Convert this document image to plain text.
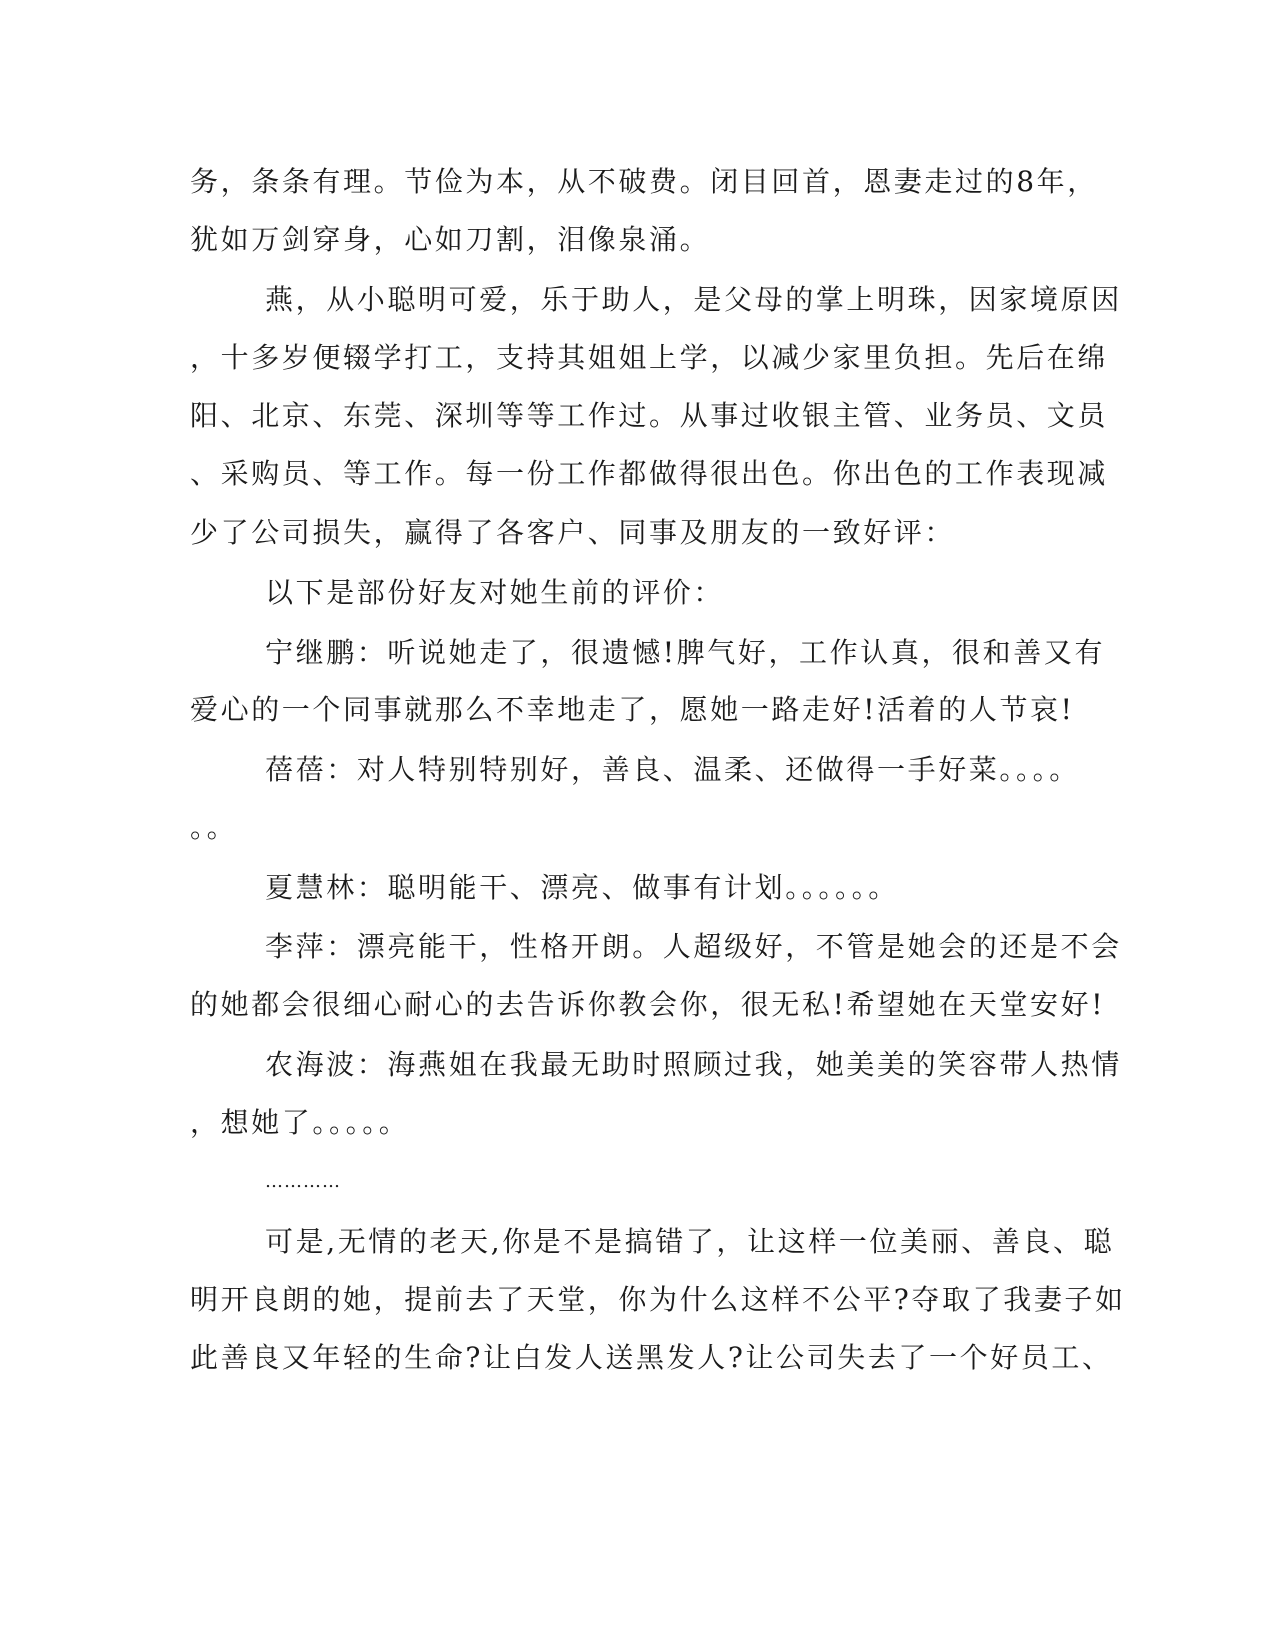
务，条条有理。节俭为本，从不破费。闭目回首，恩妻走过的8年，
犹如万剑穿身，心如刀割，泪像泉涌。
燕，从小聪明可爱，乐于助人，是父母的掌上明珠，因家境原因
，十多岁便辍学打工，支持其姐姐上学，以减少家里负担。先后在绵
阳、北京、东莞、深圳等等工作过。从事过收银主管、业务员、文员
、采购员、等工作。每一份工作都做得很出色。你出色的工作表现减
少了公司损失，赢得了各客户、同事及朋友的一致好评：
以下是部份好友对她生前的评价：
宁继鹏：听说她走了，很遗憾!脾气好，工作认真，很和善又有
爱心的一个同事就那么不幸地走了，愿她一路走好!活着的人节哀!
蓓蓓：对人特别特别好，善良、温柔、还做得一手好菜。。。。
。。
夏慧林：聪明能干、漂亮、做事有计划。。。。。。
李萍：漂亮能干，性格开朗。人超级好，不管是她会的还是不会
的她都会很细心耐心的去告诉你教会你，很无私!希望她在天堂安好!
农海波：海燕姐在我最无助时照顾过我，她美美的笑容带人热情
，想她了。。。。。
…………
可是,无情的老天,你是不是搞错了，让这样一位美丽、善良、聪
明开良朗的她，提前去了天堂，你为什么这样不公平?夺取了我妻子如
此善良又年轻的生命?让白发人送黑发人?让公司失去了一个好员工、
